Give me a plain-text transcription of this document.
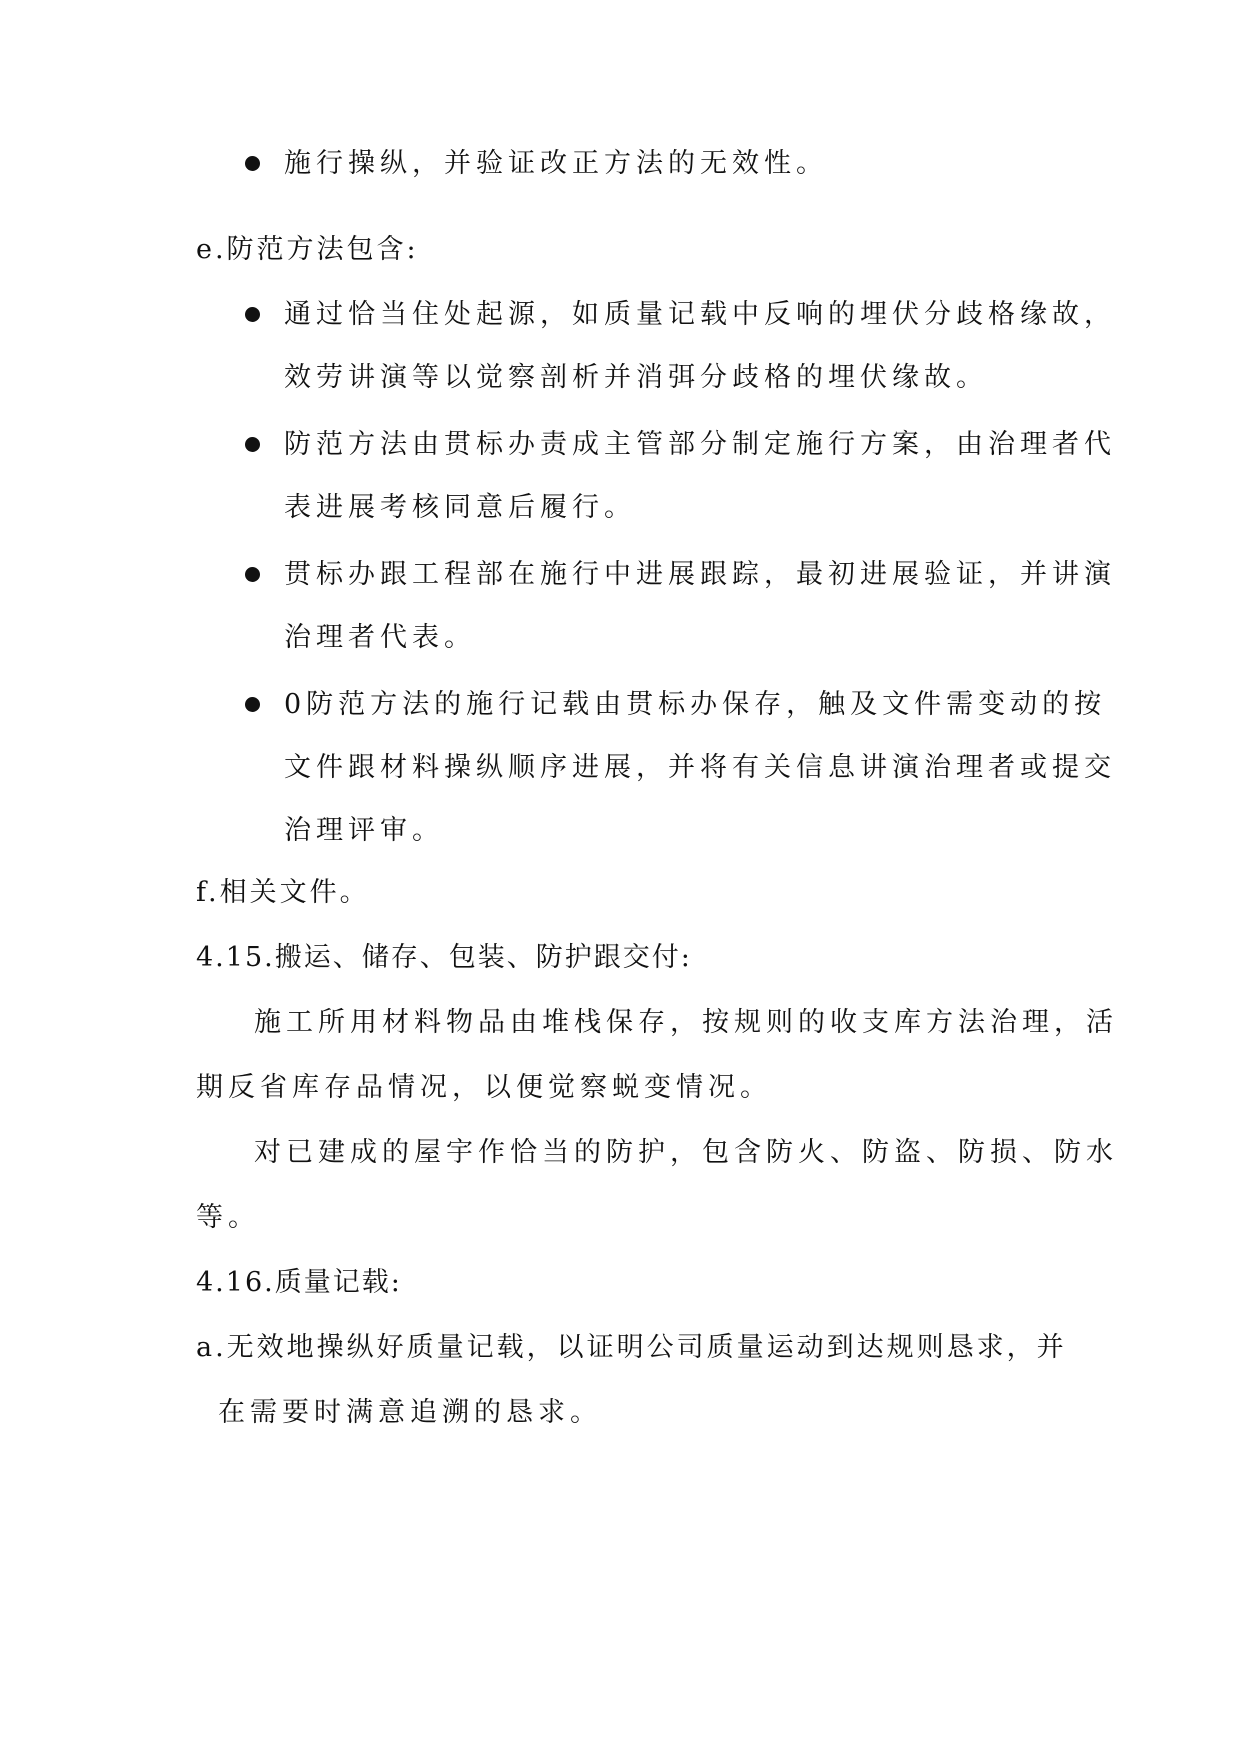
施行操纵，并验证改正方法的无效性。
e.防范方法包含:
通过恰当住处起源，如质量记载中反响的埋伏分歧格缘故，
效劳讲演等以觉察剖析并消弭分歧格的埋伏缘故。
防范方法由贯标办责成主管部分制定施行方案，由治理者代
表进展考核同意后履行。
贯标办跟工程部在施行中进展跟踪，最初进展验证，并讲演
治理者代表。
0防范方法的施行记载由贯标办保存，触及文件需变动的按
文件跟材料操纵顺序进展，并将有关信息讲演治理者或提交
治理评审。
f.相关文件。
4.15.搬运、储存、包装、防护跟交付:
施工所用材料物品由堆栈保存，按规则的收支库方法治理，活
期反省库存品情况，以便觉察蜕变情况。
对已建成的屋宇作恰当的防护，包含防火、防盗、防损、防水
等。
4.16.质量记载:
a.无效地操纵好质量记载，以证明公司质量运动到达规则恳求，并
在需要时满意追溯的恳求。
